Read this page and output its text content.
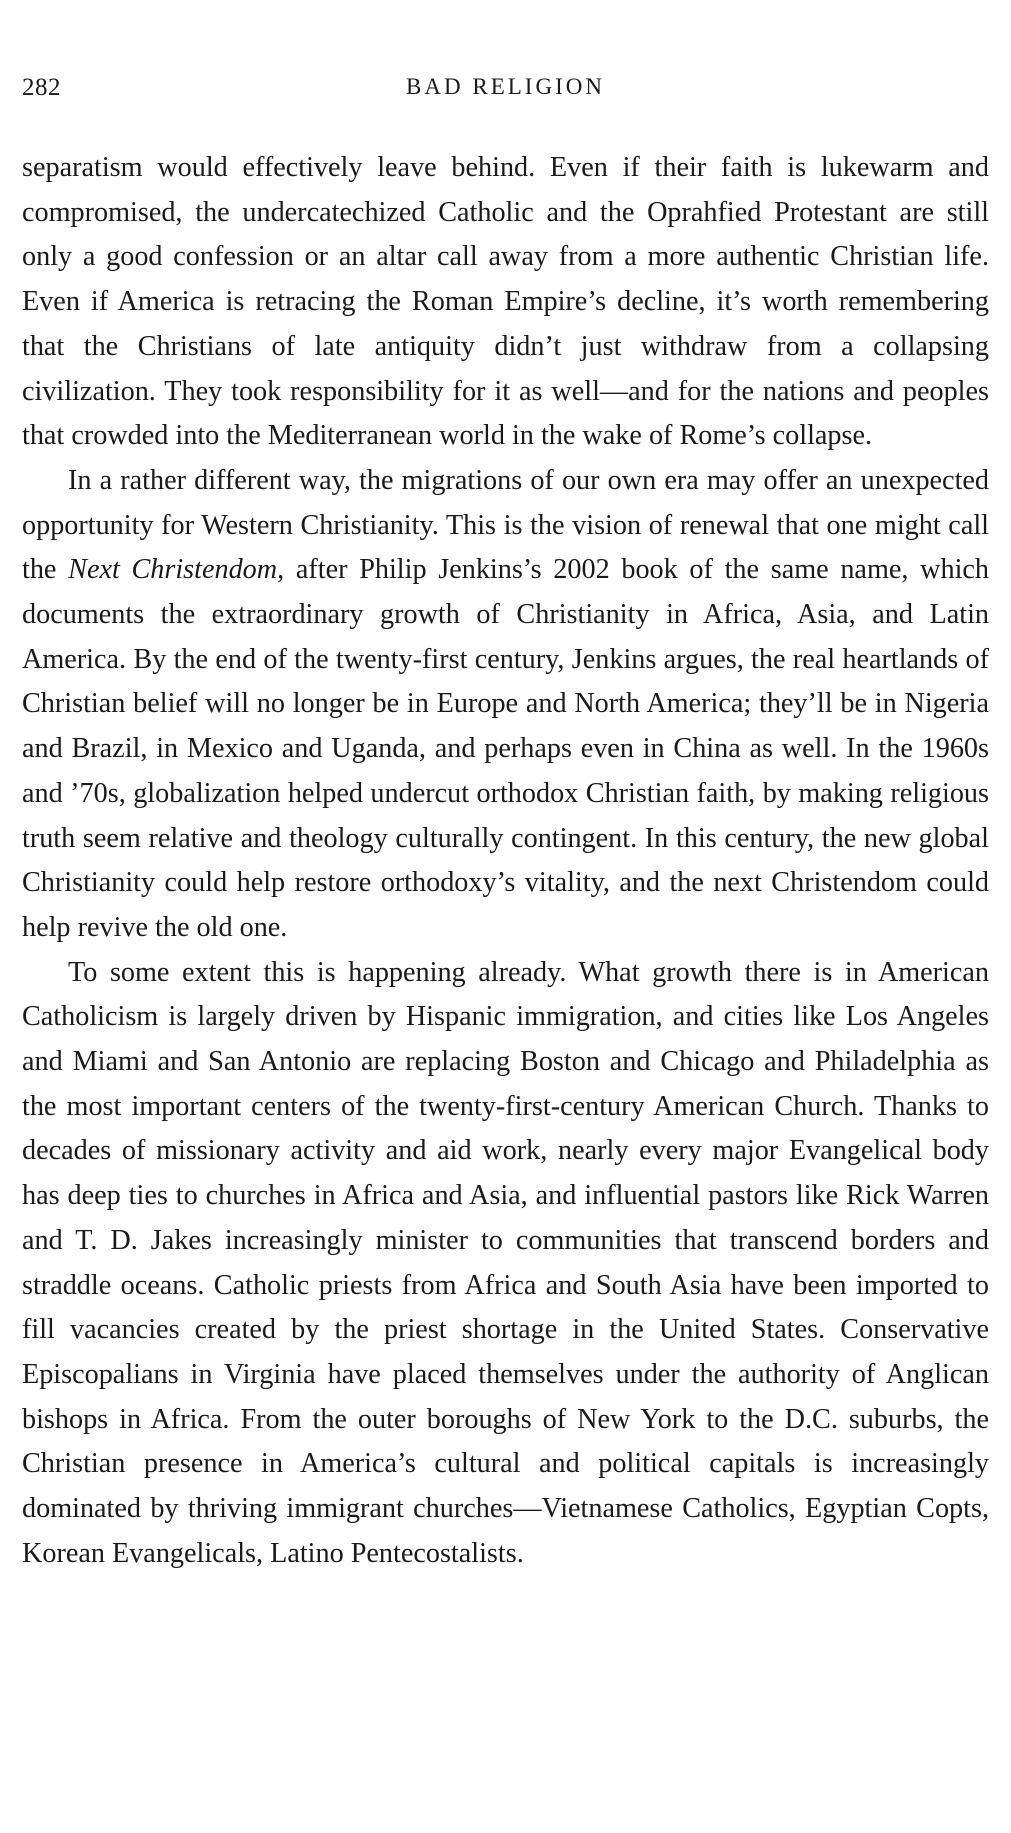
282	BAD RELIGION

separatism would effectively leave behind. Even if their faith is lukewarm and compromised, the undercatechized Catholic and the Oprahfied Protestant are still only a good confession or an altar call away from a more authentic Christian life. Even if America is retracing the Roman Empire’s decline, it’s worth remembering that the Christians of late antiquity didn’t just withdraw from a collapsing civilization. They took responsibility for it as well—and for the nations and peoples that crowded into the Mediterranean world in the wake of Rome’s collapse.

In a rather different way, the migrations of our own era may offer an unexpected opportunity for Western Christianity. This is the vision of renewal that one might call the Next Christendom, after Philip Jenkins’s 2002 book of the same name, which documents the extraordinary growth of Christianity in Africa, Asia, and Latin America. By the end of the twenty-first century, Jenkins argues, the real heartlands of Christian belief will no longer be in Europe and North America; they’ll be in Nigeria and Brazil, in Mexico and Uganda, and perhaps even in China as well. In the 1960s and ’70s, globalization helped undercut orthodox Christian faith, by making religious truth seem relative and theology culturally contingent. In this century, the new global Christianity could help restore orthodoxy’s vitality, and the next Christendom could help revive the old one.

To some extent this is happening already. What growth there is in American Catholicism is largely driven by Hispanic immigration, and cities like Los Angeles and Miami and San Antonio are replacing Boston and Chicago and Philadelphia as the most important centers of the twenty-first-century American Church. Thanks to decades of missionary activity and aid work, nearly every major Evangelical body has deep ties to churches in Africa and Asia, and influential pastors like Rick Warren and T. D. Jakes increasingly minister to communities that transcend borders and straddle oceans. Catholic priests from Africa and South Asia have been imported to fill vacancies created by the priest shortage in the United States. Conservative Episcopalians in Virginia have placed themselves under the authority of Anglican bishops in Africa. From the outer boroughs of New York to the D.C. suburbs, the Christian presence in America’s cultural and political capitals is increasingly dominated by thriving immigrant churches—Vietnamese Catholics, Egyptian Copts, Korean Evangelicals, Latino Pentecostalists.
